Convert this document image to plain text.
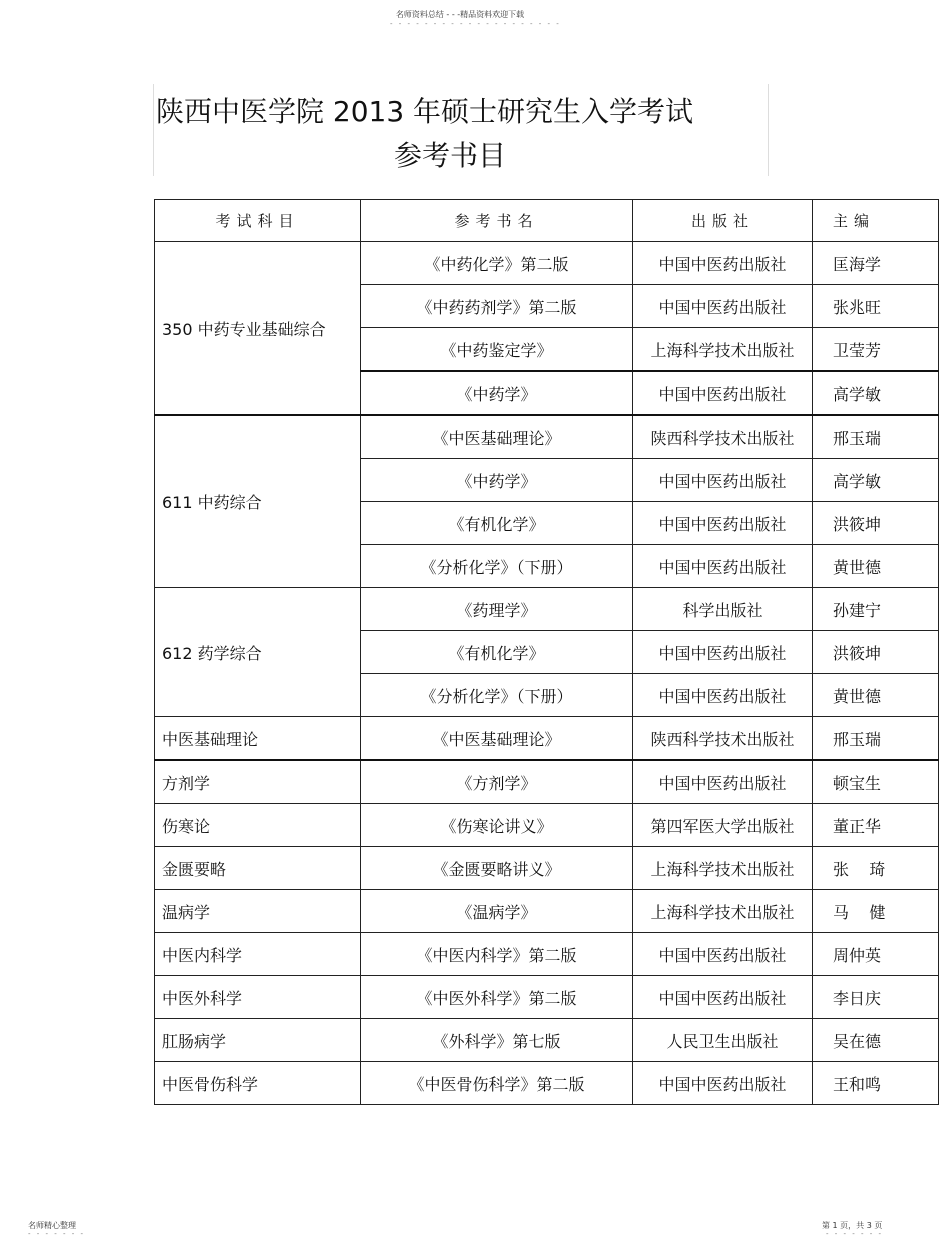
名师资料总结 - - -精品资料欢迎下载
- - - - - - - - - - - - - - - - - - - -
陕西中医学院 2013 年硕士研究生入学考试
参考书目
考试科目	参考书名	出版社	主编
350 中药专业基础综合	《中药化学》第二版	中国中医药出版社	匡海学
	《中药药剂学》第二版	中国中医药出版社	张兆旺
	《中药鉴定学》	上海科学技术出版社	卫莹芳
	《中药学》	中国中医药出版社	高学敏
611 中药综合	《中医基础理论》	陕西科学技术出版社	邢玉瑞
	《中药学》	中国中医药出版社	高学敏
	《有机化学》	中国中医药出版社	洪筱坤
	《分析化学》（下册）	中国中医药出版社	黄世德
612 药学综合	《药理学》	科学出版社	孙建宁
	《有机化学》	中国中医药出版社	洪筱坤
	《分析化学》（下册）	中国中医药出版社	黄世德
中医基础理论	《中医基础理论》	陕西科学技术出版社	邢玉瑞
方剂学	《方剂学》	中国中医药出版社	顿宝生
伤寒论	《伤寒论讲义》	第四军医大学出版社	董正华
金匮要略	《金匮要略讲义》	上海科学技术出版社	张    琦
温病学	《温病学》	上海科学技术出版社	马    健
中医内科学	《中医内科学》第二版	中国中医药出版社	周仲英
中医外科学	《中医外科学》第二版	中国中医药出版社	李日庆
肛肠病学	《外科学》第七版	人民卫生出版社	吴在德
中医骨伤科学	《中医骨伤科学》第二版	中国中医药出版社	王和鸣
名师精心整理
- - - - - - -
第 1 页，共 3 页
- - - - - - -
